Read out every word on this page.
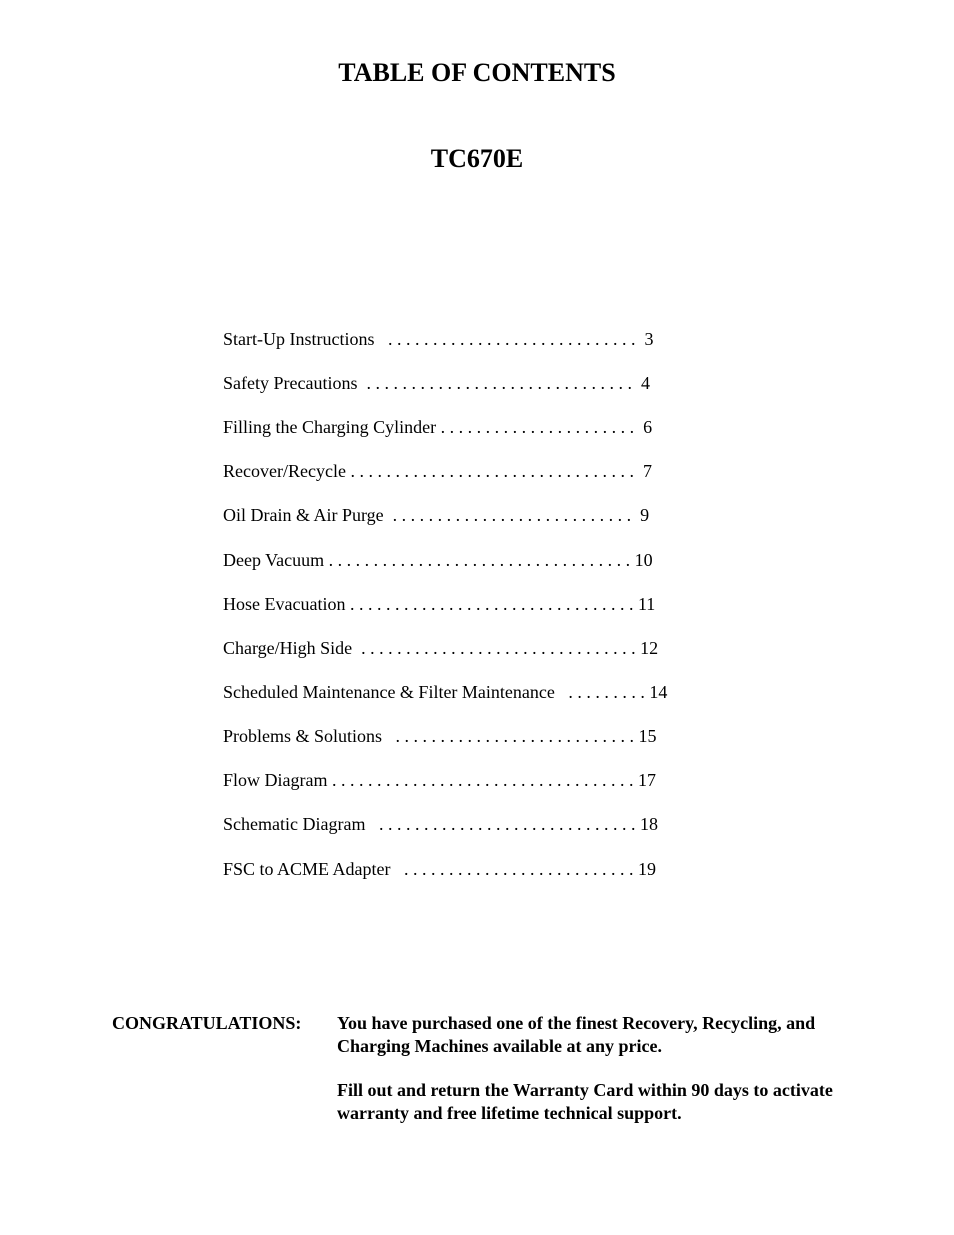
TABLE OF CONTENTS
TC670E
Start-Up Instructions   . . . . . . . . . . . . . . . . . . . . . . . . . . . .  3
Safety Precautions  . . . . . . . . . . . . . . . . . . . . . . . . . . . . . .  4
Filling the Charging Cylinder . . . . . . . . . . . . . . . . . . . . . .  6
Recover/Recycle . . . . . . . . . . . . . . . . . . . . . . . . . . . . . . . .  7
Oil Drain & Air Purge  . . . . . . . . . . . . . . . . . . . . . . . . . . .  9
Deep Vacuum . . . . . . . . . . . . . . . . . . . . . . . . . . . . . . . . . . 10
Hose Evacuation . . . . . . . . . . . . . . . . . . . . . . . . . . . . . . . . 11
Charge/High Side  . . . . . . . . . . . . . . . . . . . . . . . . . . . . . . . 12
Scheduled Maintenance & Filter Maintenance   . . . . . . . . . 14
Problems & Solutions   . . . . . . . . . . . . . . . . . . . . . . . . . . . 15
Flow Diagram . . . . . . . . . . . . . . . . . . . . . . . . . . . . . . . . . . 17
Schematic Diagram   . . . . . . . . . . . . . . . . . . . . . . . . . . . . . 18
FSC to ACME Adapter   . . . . . . . . . . . . . . . . . . . . . . . . . . 19
CONGRATULATIONS: You have purchased one of the finest Recovery, Recycling, and Charging Machines available at any price.

Fill out and return the Warranty Card within 90 days to activate warranty and free lifetime technical support.
